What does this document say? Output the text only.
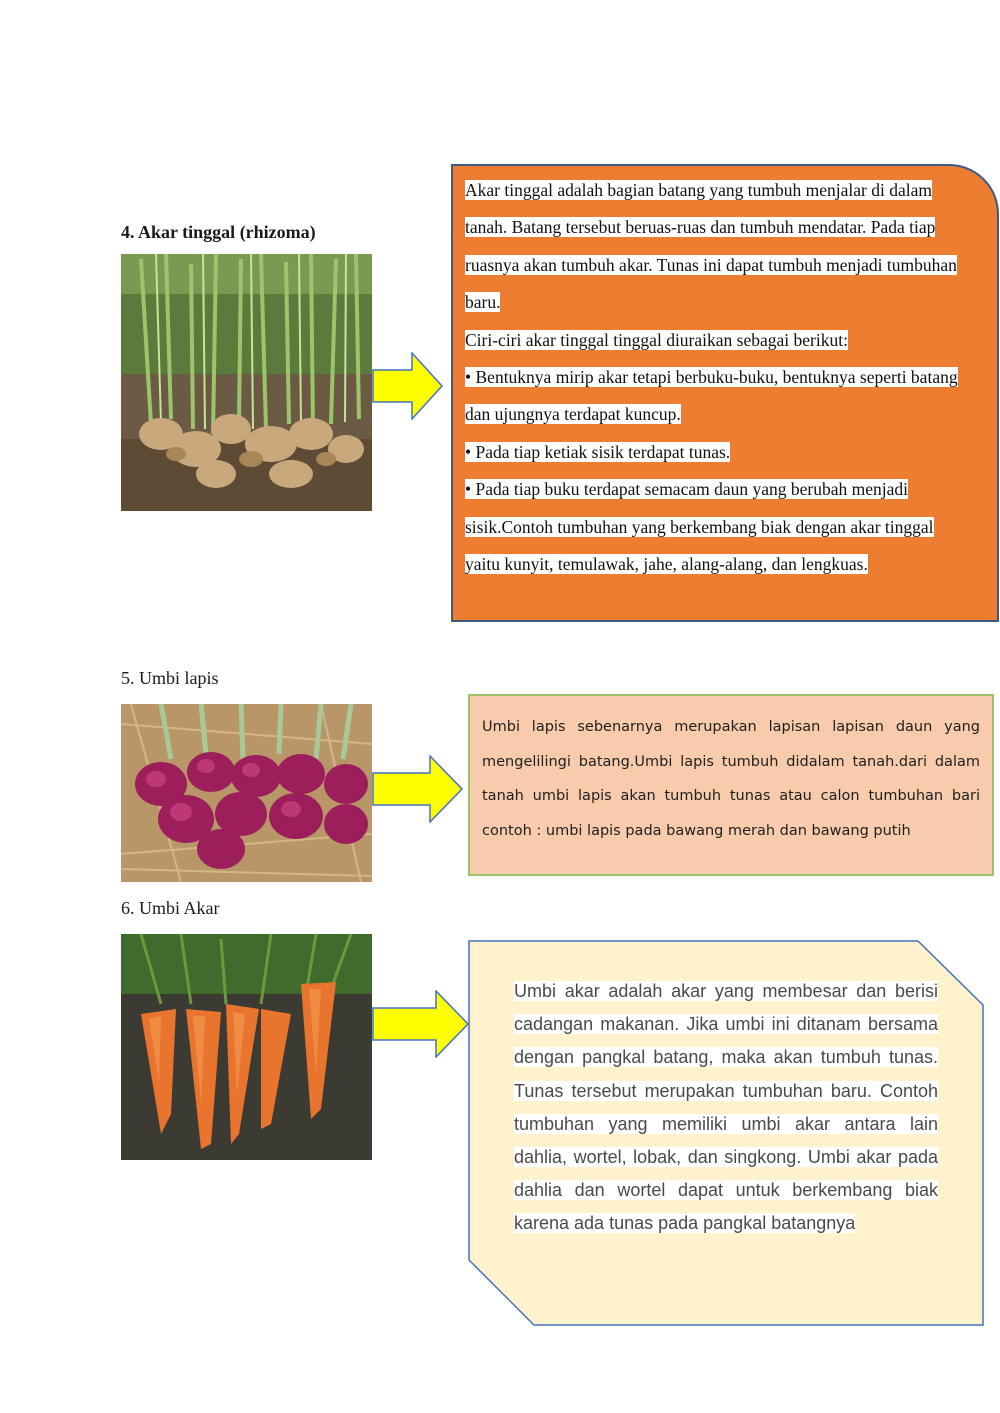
4. Akar tinggal (rhizoma)

Akar tinggal adalah bagian batang yang tumbuh menjalar di dalam tanah. Batang tersebut beruas-ruas dan tumbuh mendatar. Pada tiap ruasnya akan tumbuh akar. Tunas ini dapat tumbuh menjadi tumbuhan baru.

Ciri-ciri akar tinggal tinggal diuraikan sebagai berikut:

• Bentuknya mirip akar tetapi berbuku-buku, bentuknya seperti batang dan ujungnya terdapat kuncup.

• Pada tiap ketiak sisik terdapat tunas.

• Pada tiap buku terdapat semacam daun yang berubah menjadi sisik.Contoh tumbuhan yang berkembang biak dengan akar tinggal yaitu kunyit, temulawak, jahe, alang-alang, dan lengkuas.

5. Umbi lapis

Umbi lapis sebenarnya merupakan lapisan lapisan daun yang mengelilingi batang.Umbi lapis tumbuh didalam tanah.dari dalam tanah umbi lapis akan tumbuh tunas atau calon tumbuhan bari contoh : umbi lapis pada bawang merah dan bawang putih

6. Umbi Akar
Umbi akar adalah akar yang membesar dan berisi cadangan makanan. Jika umbi ini ditanam bersama dengan pangkal batang, maka akan tumbuh tunas. Tunas tersebut merupakan tumbuhan baru. Contoh tumbuhan yang memiliki umbi akar antara lain dahlia, wortel, lobak, dan singkong. Umbi akar pada dahlia dan wortel dapat untuk berkembang biak karena ada tunas pada pangkal batangnya
